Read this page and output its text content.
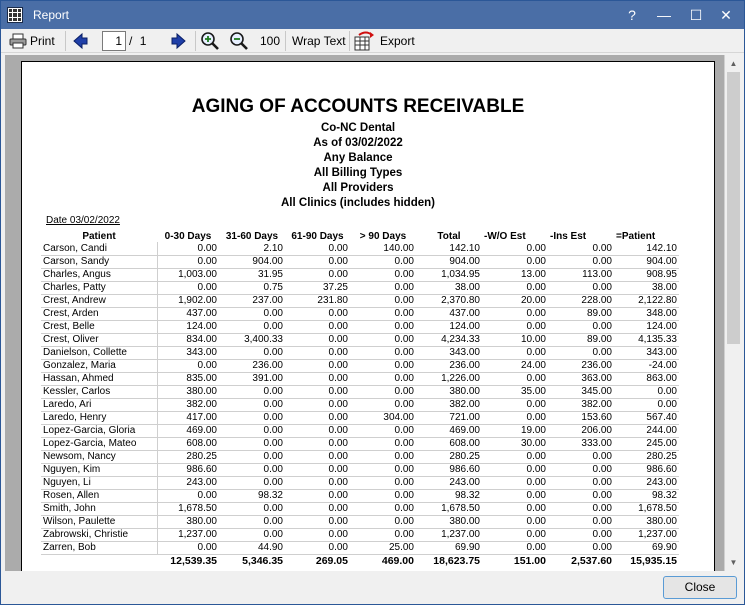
Report	?	—	☐	✕
Print	1 / 1	100 Wrap Text	Export
AGING OF ACCOUNTS RECEIVABLE
Co-NC Dental
As of 03/02/2022
Any Balance
All Billing Types
All Providers
All Clinics (includes hidden)
Date 03/02/2022
Patient	0-30 Days	31-60 Days	61-90 Days	> 90 Days	Total	-W/O Est	-Ins Est	=Patient
Carson, Candi	0.00	2.10	0.00	140.00	142.10	0.00	0.00	142.10
Carson, Sandy	0.00	904.00	0.00	0.00	904.00	0.00	0.00	904.00
Charles, Angus	1,003.00	31.95	0.00	0.00	1,034.95	13.00	113.00	908.95
Charles, Patty	0.00	0.75	37.25	0.00	38.00	0.00	0.00	38.00
Crest, Andrew	1,902.00	237.00	231.80	0.00	2,370.80	20.00	228.00	2,122.80
Crest, Arden	437.00	0.00	0.00	0.00	437.00	0.00	89.00	348.00
Crest, Belle	124.00	0.00	0.00	0.00	124.00	0.00	0.00	124.00
Crest, Oliver	834.00	3,400.33	0.00	0.00	4,234.33	10.00	89.00	4,135.33
Danielson, Collette	343.00	0.00	0.00	0.00	343.00	0.00	0.00	343.00
Gonzalez, Maria	0.00	236.00	0.00	0.00	236.00	24.00	236.00	-24.00
Hassan, Ahmed	835.00	391.00	0.00	0.00	1,226.00	0.00	363.00	863.00
Kessler, Carlos	380.00	0.00	0.00	0.00	380.00	35.00	345.00	0.00
Laredo, Ari	382.00	0.00	0.00	0.00	382.00	0.00	382.00	0.00
Laredo, Henry	417.00	0.00	0.00	304.00	721.00	0.00	153.60	567.40
Lopez-Garcia, Gloria	469.00	0.00	0.00	0.00	469.00	19.00	206.00	244.00
Lopez-Garcia, Mateo	608.00	0.00	0.00	0.00	608.00	30.00	333.00	245.00
Newsom, Nancy	280.25	0.00	0.00	0.00	280.25	0.00	0.00	280.25
Nguyen, Kim	986.60	0.00	0.00	0.00	986.60	0.00	0.00	986.60
Nguyen, Li	243.00	0.00	0.00	0.00	243.00	0.00	0.00	243.00
Rosen, Allen	0.00	98.32	0.00	0.00	98.32	0.00	0.00	98.32
Smith, John	1,678.50	0.00	0.00	0.00	1,678.50	0.00	0.00	1,678.50
Wilson, Paulette	380.00	0.00	0.00	0.00	380.00	0.00	0.00	380.00
Zabrowski, Christie	1,237.00	0.00	0.00	0.00	1,237.00	0.00	0.00	1,237.00
Zarren, Bob	0.00	44.90	0.00	25.00	69.90	0.00	0.00	69.90
	12,539.35	5,346.35	269.05	469.00	18,623.75	151.00	2,537.60	15,935.15
▲
▼
Close
